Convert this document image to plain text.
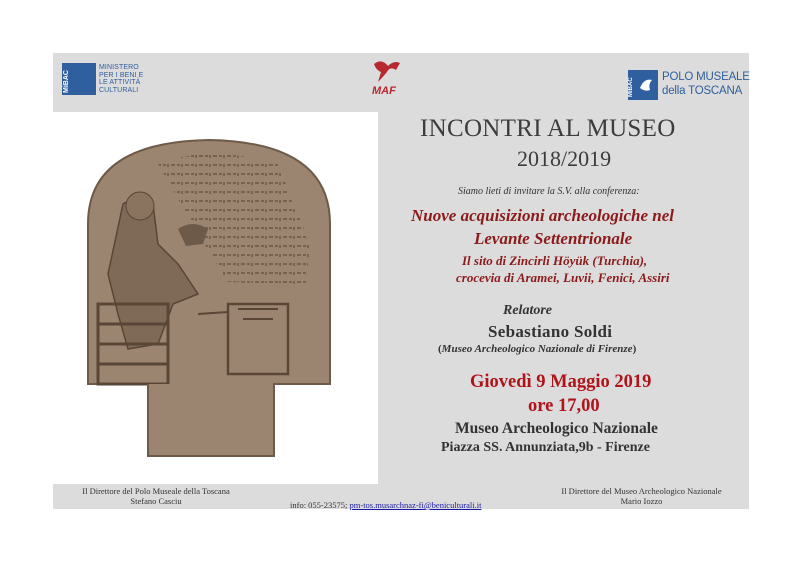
MiBAC
MINISTERO
PER I BENI E
LE ATTIVITÀ
CULTURALI	MAF	MiBAC
POLO MUSEALE
della TOSCANA
INCONTRI AL MUSEO
2018/2019
Siamo lieti di invitare la S.V. alla conferenza:
Nuove acquisizioni archeologiche nel
Levante Settentrionale
Il sito di Zincirli Höyük (Turchia),
crocevia di Aramei, Luvii, Fenici, Assiri
Relatore
Sebastiano Soldi
(Museo Archeologico Nazionale di Firenze)
Giovedì 9 Maggio 2019
ore 17,00
Museo Archeologico Nazionale
Piazza SS. Annunziata,9b - Firenze
Il Direttore del Polo Museale della Toscana
Stefano Casciu	info: 055-23575; pm-tos.musarchnaz-fi@beniculturali.it
Il Direttore del Museo Archeologico Nazionale
Mario Iozzo
